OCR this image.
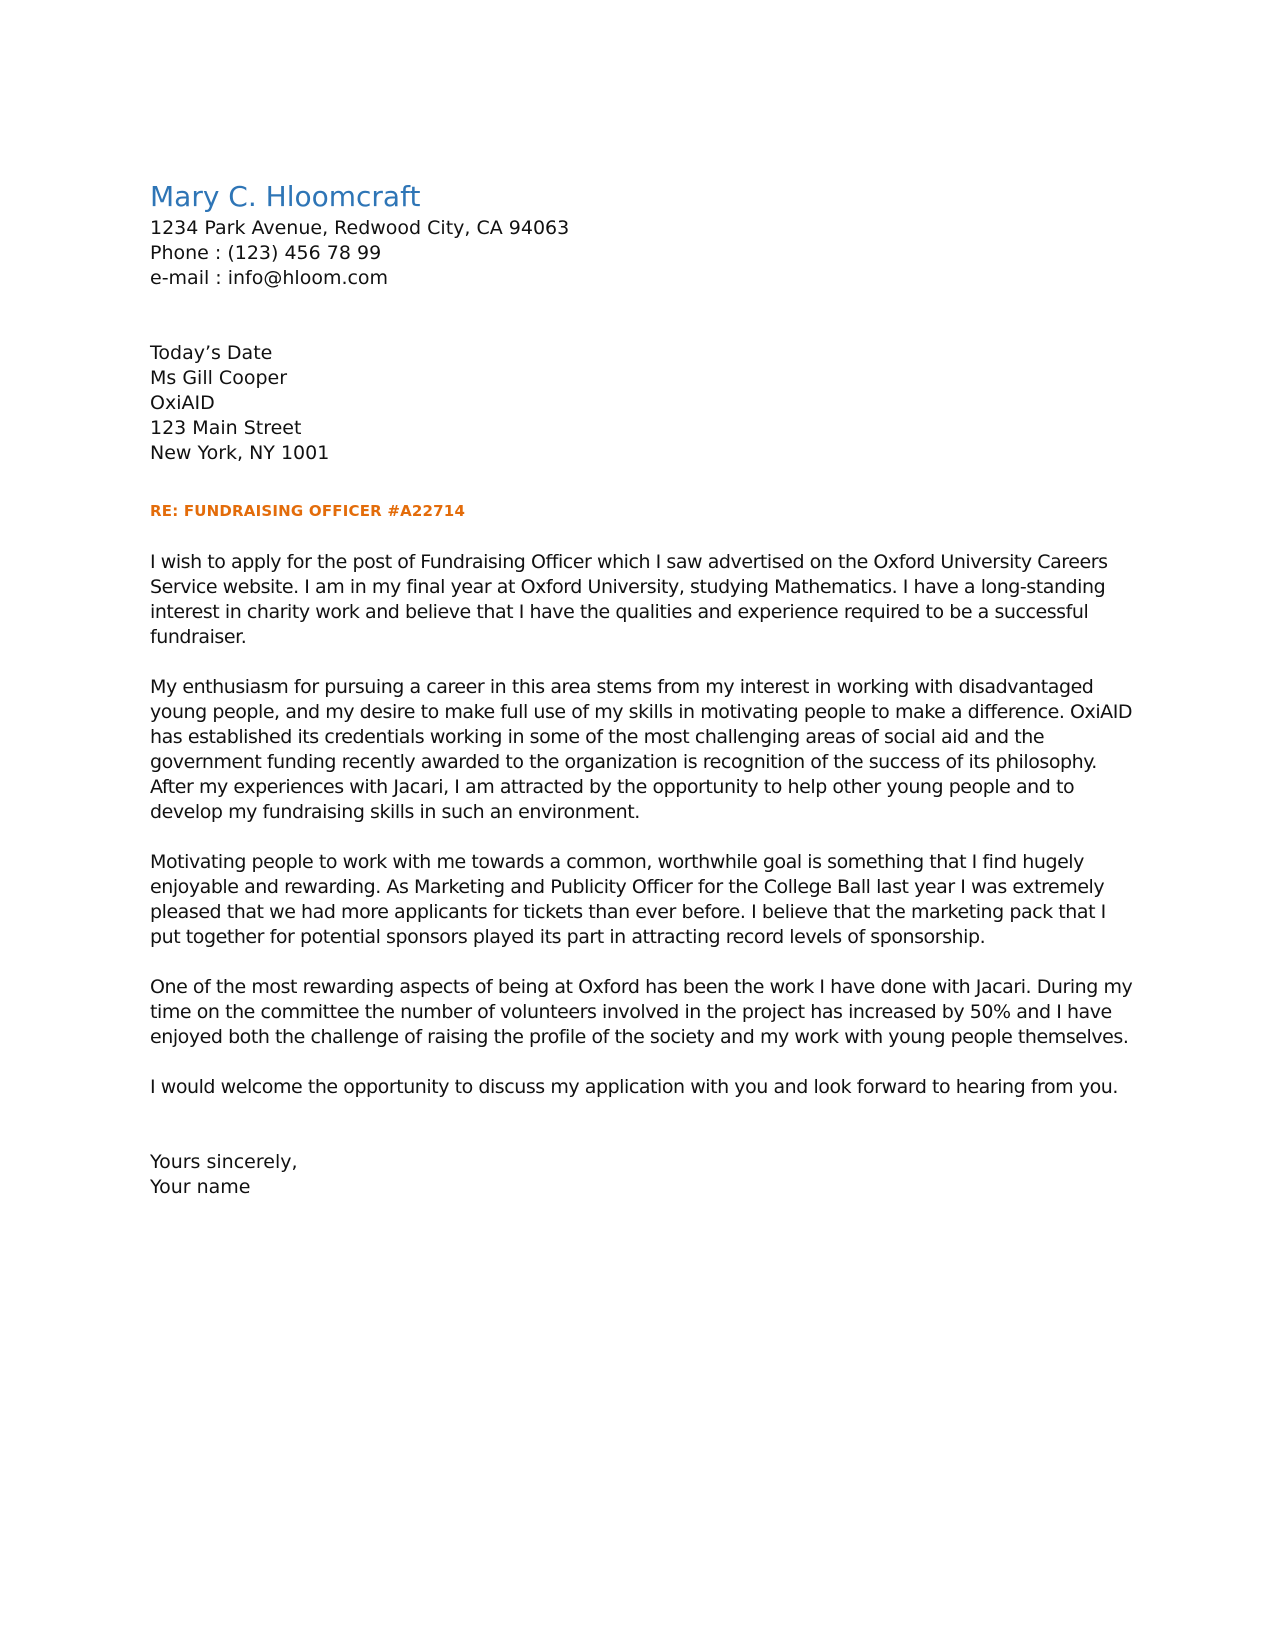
Mary C. Hloomcraft
1234 Park Avenue, Redwood City, CA 94063
Phone : (123) 456 78 99
e-mail : info@hloom.com
Today’s Date
Ms Gill Cooper
OxiAID
123 Main Street
New York, NY 1001
RE: FUNDRAISING OFFICER #A22714

I wish to apply for the post of Fundraising Officer which I saw advertised on the Oxford University Careers Service website. I am in my final year at Oxford University, studying Mathematics. I have a long-standing interest in charity work and believe that I have the qualities and experience required to be a successful fundraiser.

My enthusiasm for pursuing a career in this area stems from my interest in working with disadvantaged young people, and my desire to make full use of my skills in motivating people to make a difference. OxiAID has established its credentials working in some of the most challenging areas of social aid and the government funding recently awarded to the organization is recognition of the success of its philosophy. After my experiences with Jacari, I am attracted by the opportunity to help other young people and to develop my fundraising skills in such an environment.

Motivating people to work with me towards a common, worthwhile goal is something that I find hugely enjoyable and rewarding. As Marketing and Publicity Officer for the College Ball last year I was extremely pleased that we had more applicants for tickets than ever before. I believe that the marketing pack that I put together for potential sponsors played its part in attracting record levels of sponsorship.

One of the most rewarding aspects of being at Oxford has been the work I have done with Jacari. During my time on the committee the number of volunteers involved in the project has increased by 50% and I have enjoyed both the challenge of raising the profile of the society and my work with young people themselves.

I would welcome the opportunity to discuss my application with you and look forward to hearing from you.

Yours sincerely,
Your name
